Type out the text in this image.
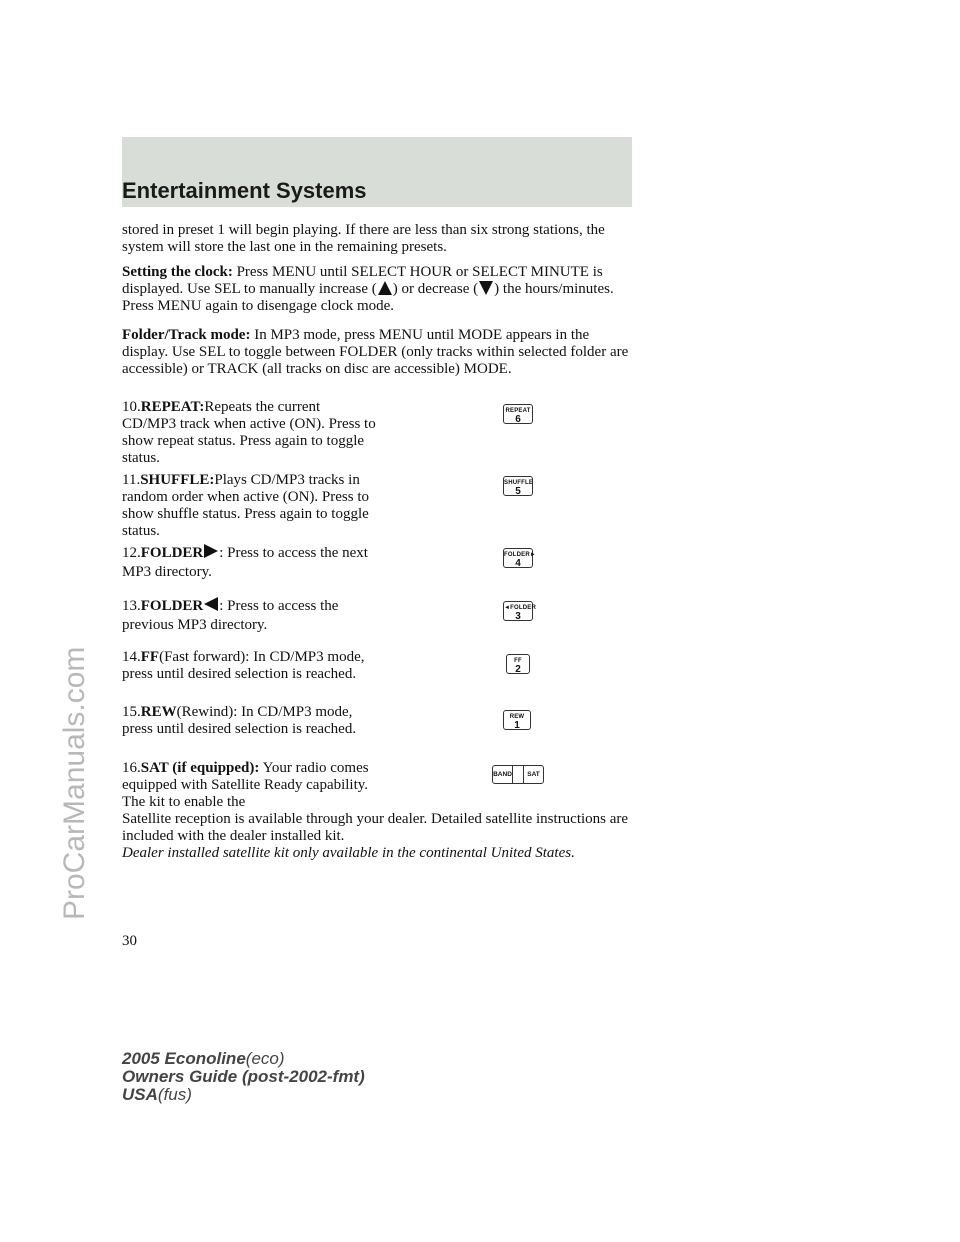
Entertainment Systems
ProCarManuals.com
stored in preset 1 will begin playing. If there are less than six strong stations, the system will store the last one in the remaining presets.
Setting the clock: Press MENU until SELECT HOUR or SELECT MINUTE is displayed. Use SEL to manually increase ( ) or decrease ( ) the hours/minutes. Press MENU again to disengage clock mode.
Folder/Track mode: In MP3 mode, press MENU until MODE appears in the display. Use SEL to toggle between FOLDER (only tracks within selected folder are accessible) or TRACK (all tracks on disc are accessible) MODE.
10.REPEAT:Repeats the current CD/MP3 track when active (ON). Press to show repeat status. Press again to toggle status.
REPEAT
6
11.SHUFFLE:Plays CD/MP3 tracks in random order when active (ON). Press to show shuffle status. Press again to toggle status.
SHUFFLE
5
12.FOLDER : Press to access the next MP3 directory.
FOLDER►
4
13.FOLDER : Press to access the previous MP3 directory.
◄FOLDER
3
14.FF(Fast forward): In CD/MP3 mode, press until desired selection is reached.
FF
2
15.REW(Rewind): In CD/MP3 mode, press until desired selection is reached.
REW
1
16.SAT (if equipped): Your radio comes equipped with Satellite Ready capability. The kit to enable the
BAND	SAT
Satellite reception is available through your dealer. Detailed satellite instructions are included with the dealer installed kit.
Dealer installed satellite kit only available in the continental United States.
30
2005 Econoline(eco)
Owners Guide (post-2002-fmt)
USA(fus)
